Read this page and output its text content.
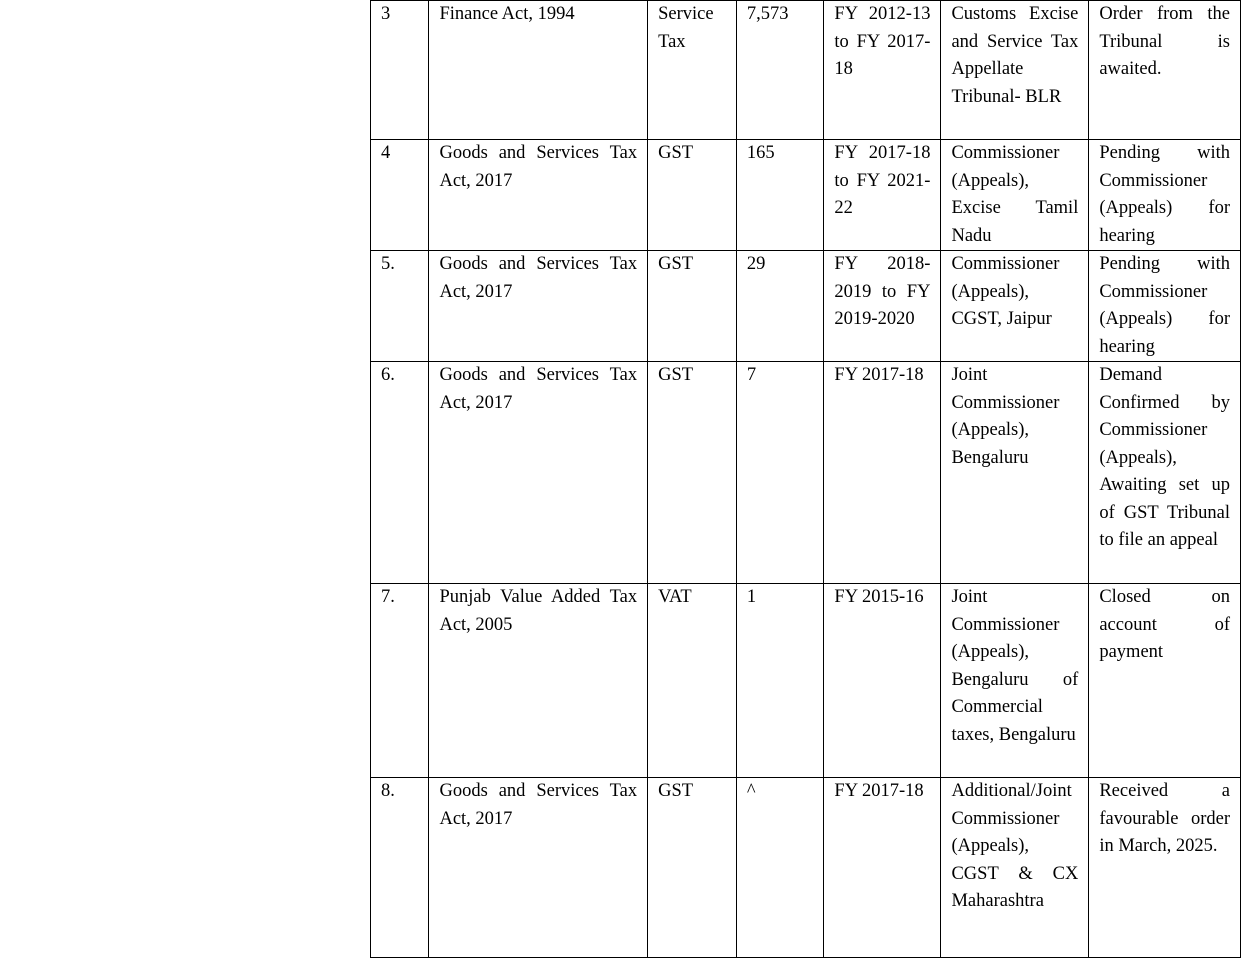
3	Finance Act, 1994	Service Tax	7,573	FY 2012-13 to FY 2017-18	Customs Excise and Service Tax Appellate Tribunal- BLR	Order from the Tribunal is awaited.

4	Goods and Services Tax Act, 2017	GST	165	FY 2017-18 to FY 2021-22	Commissioner (Appeals), Excise Tamil Nadu	Pending with Commissioner (Appeals) for hearing

5.	Goods and Services Tax Act, 2017	GST	29	FY 2018-2019 to FY 2019-2020	Commissioner (Appeals), CGST, Jaipur	Pending with Commissioner (Appeals) for hearing

6.	Goods and Services Tax Act, 2017	GST	7	FY 2017-18	Joint Commissioner (Appeals), Bengaluru	Demand Confirmed by Commissioner (Appeals), Awaiting set up of GST Tribunal to file an appeal

7.	Punjab Value Added Tax Act, 2005	VAT	1	FY 2015-16	Joint Commissioner (Appeals), Bengaluru of Commercial taxes, Bengaluru	Closed on account of payment

8.	Goods and Services Tax Act, 2017	GST	^	FY 2017-18	Additional/Joint Commissioner (Appeals), CGST & CX Maharashtra	Received a favourable order in March, 2025.
